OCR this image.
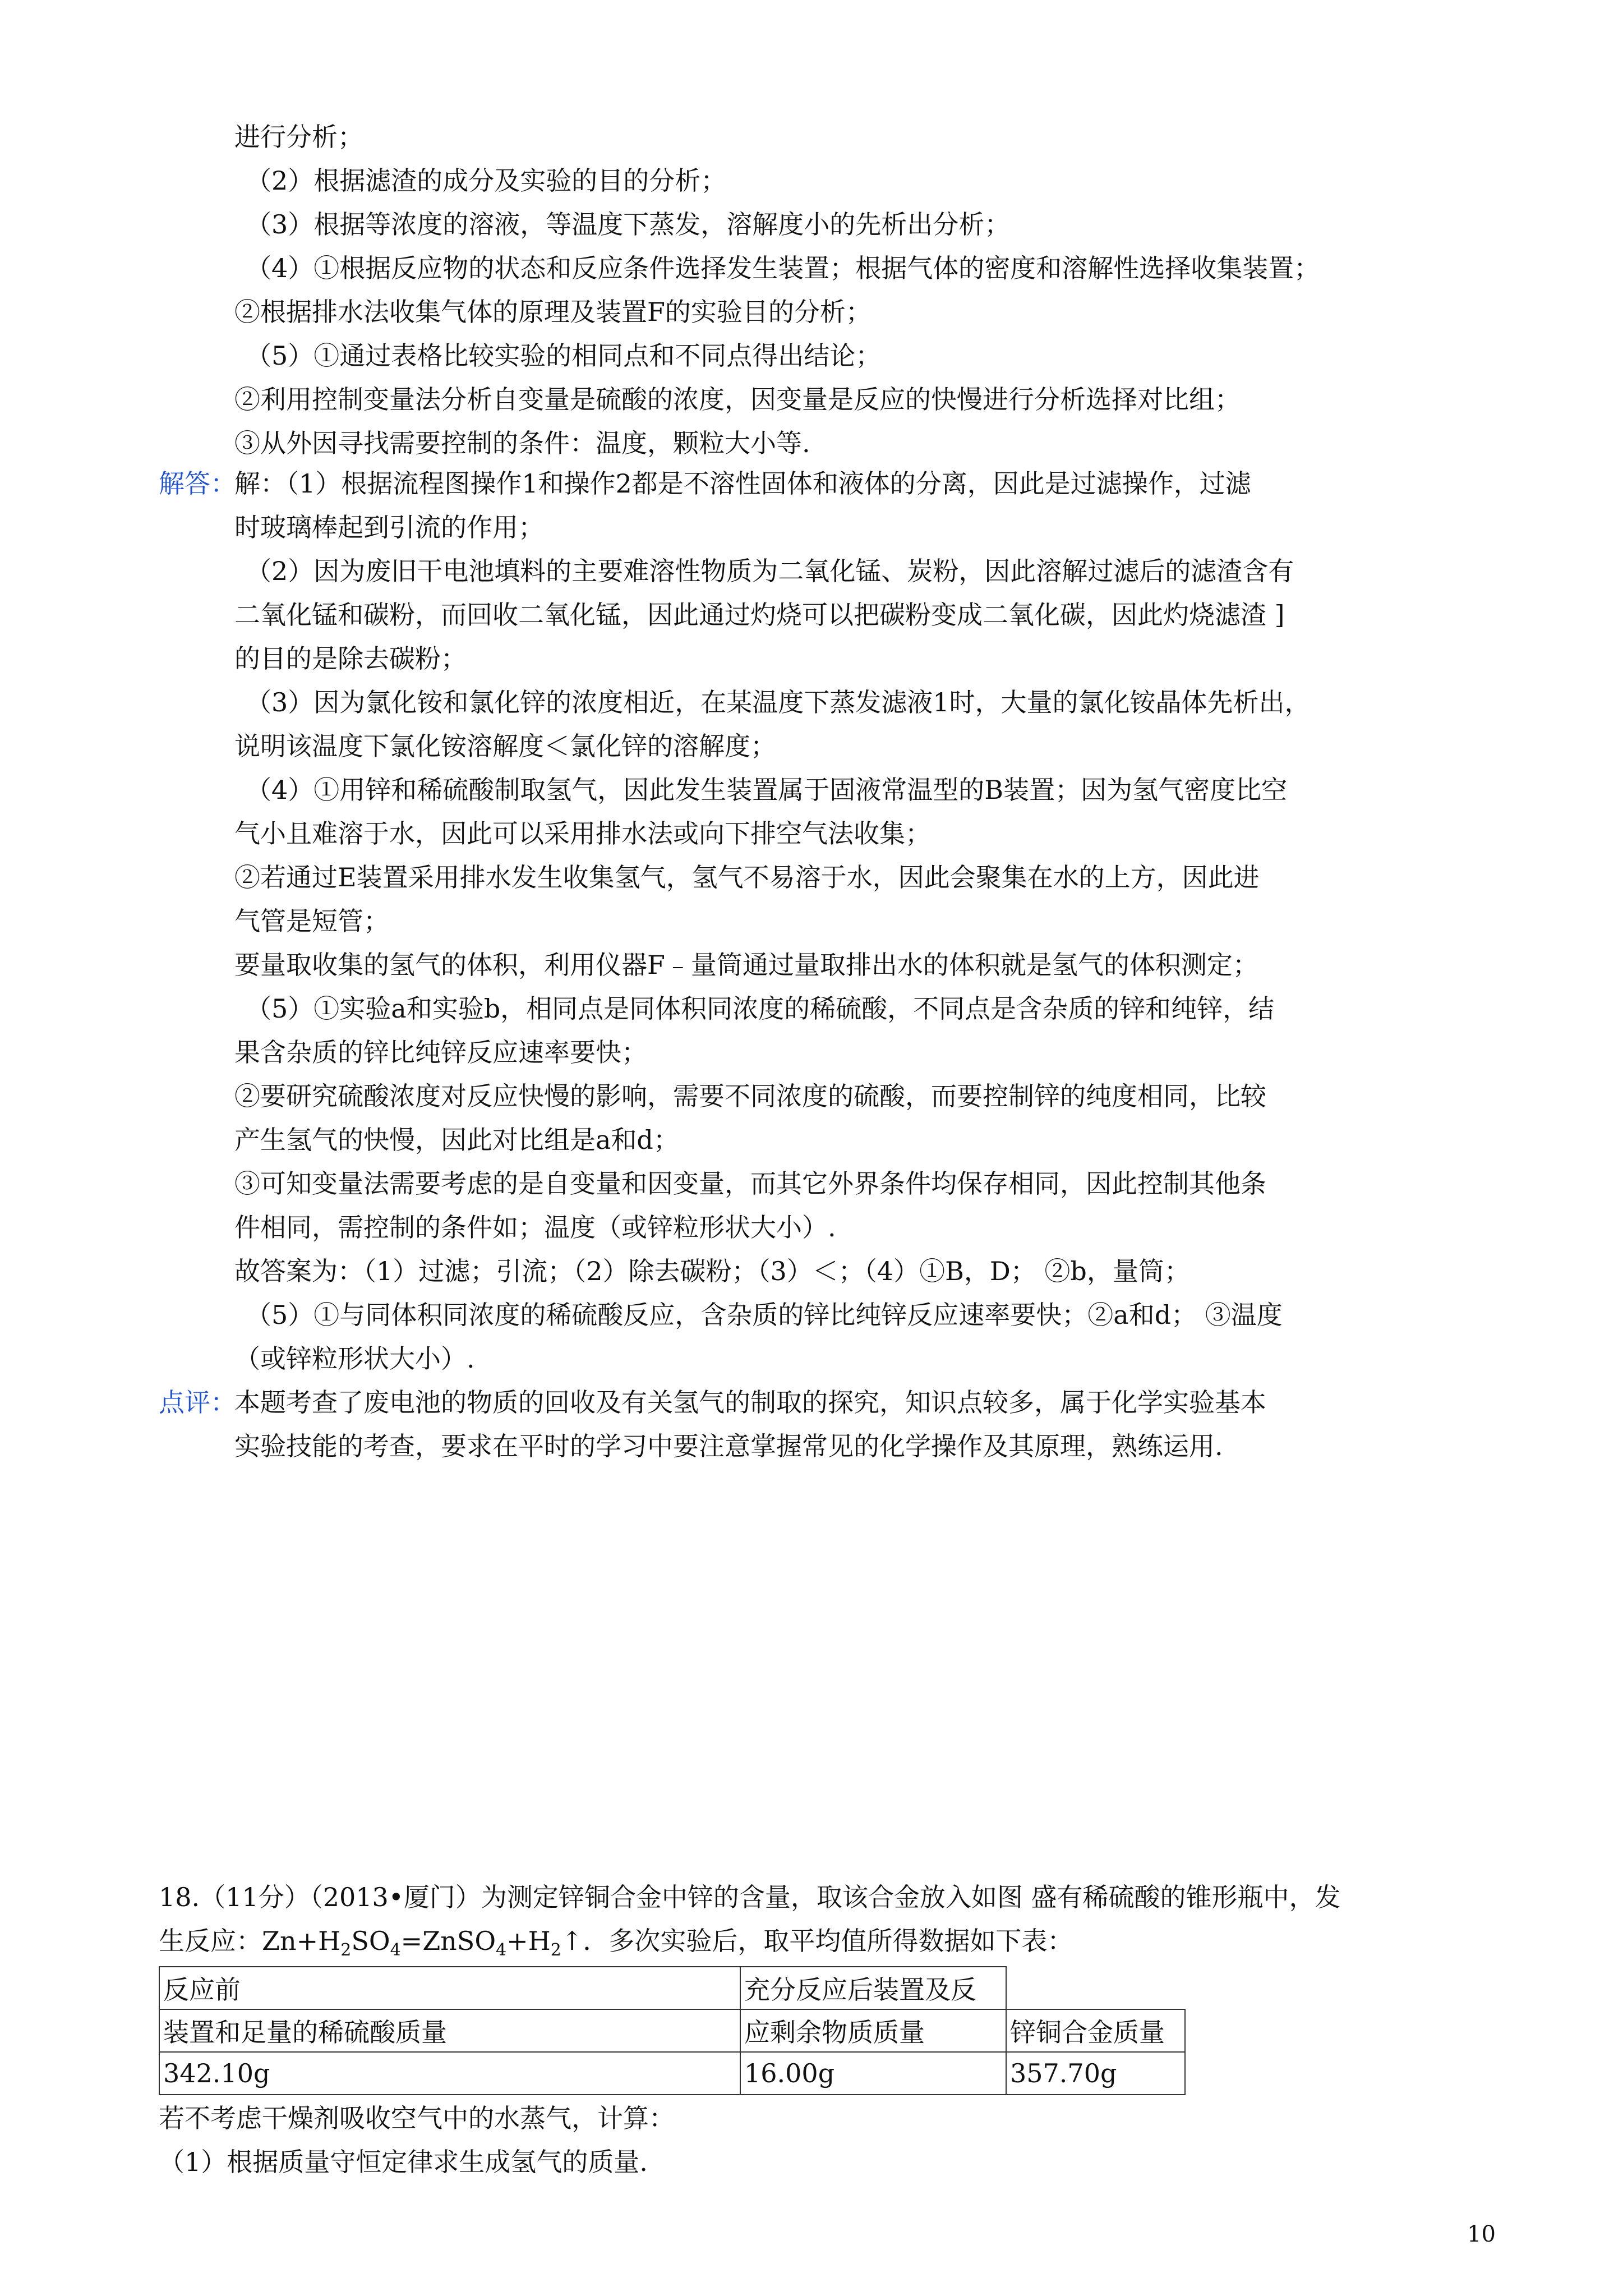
进行分析；
（2）根据滤渣的成分及实验的目的分析；
（3）根据等浓度的溶液，等温度下蒸发，溶解度小的先析出分析；
（4）①根据反应物的状态和反应条件选择发生装置；根据气体的密度和溶解性选择收集装置；
②根据排水法收集气体的原理及装置F的实验目的分析；
（5）①通过表格比较实验的相同点和不同点得出结论；
②利用控制变量法分析自变量是硫酸的浓度，因变量是反应的快慢进行分析选择对比组；
③从外因寻找需要控制的条件：温度，颗粒大小等.
解答：
解：（1）根据流程图操作1和操作2都是不溶性固体和液体的分离，因此是过滤操作，过滤
时玻璃棒起到引流的作用；
（2）因为废旧干电池填料的主要难溶性物质为二氧化锰、炭粉，因此溶解过滤后的滤渣含有
二氧化锰和碳粉，而回收二氧化锰，因此通过灼烧可以把碳粉变成二氧化碳，因此灼烧滤渣 ]
的目的是除去碳粉；
（3）因为氯化铵和氯化锌的浓度相近，在某温度下蒸发滤液1时，大量的氯化铵晶体先析出，
说明该温度下氯化铵溶解度＜氯化锌的溶解度；
（4）①用锌和稀硫酸制取氢气，因此发生装置属于固液常温型的B装置；因为氢气密度比空
气小且难溶于水，因此可以采用排水法或向下排空气法收集；
②若通过E装置采用排水发生收集氢气，氢气不易溶于水，因此会聚集在水的上方，因此进
气管是短管；
要量取收集的氢气的体积，利用仪器F﹣量筒通过量取排出水的体积就是氢气的体积测定；
（5）①实验a和实验b，相同点是同体积同浓度的稀硫酸，不同点是含杂质的锌和纯锌，结
果含杂质的锌比纯锌反应速率要快；
②要研究硫酸浓度对反应快慢的影响，需要不同浓度的硫酸，而要控制锌的纯度相同，比较
产生氢气的快慢，因此对比组是a和d；
③可知变量法需要考虑的是自变量和因变量，而其它外界条件均保存相同，因此控制其他条
件相同，需控制的条件如；温度（或锌粒形状大小）.
故答案为：（1）过滤；引流；（2）除去碳粉；（3）＜；（4）①B，D； ②b，量筒；
（5）①与同体积同浓度的稀硫酸反应，含杂质的锌比纯锌反应速率要快；②a和d； ③温度
（或锌粒形状大小）.
点评：
本题考查了废电池的物质的回收及有关氢气的制取的探究，知识点较多，属于化学实验基本
实验技能的考查，要求在平时的学习中要注意掌握常见的化学操作及其原理，熟练运用.
18.（11分）（2013•厦门）为测定锌铜合金中锌的含量，取该合金放入如图 盛有稀硫酸的锥形瓶中，发
生反应：$Zn+H_2SO_4=ZnSO_4+H_2↑$．多次实验后，取平均值所得数据如下表：
反应前	充分反应后装置及反	
装置和足量的稀硫酸质量	应剩余物质质量	锌铜合金质量
342.10g	16.00g	357.70g
若不考虑干燥剂吸收空气中的水蒸气，计算：
（1）根据质量守恒定律求生成氢气的质量.
10
